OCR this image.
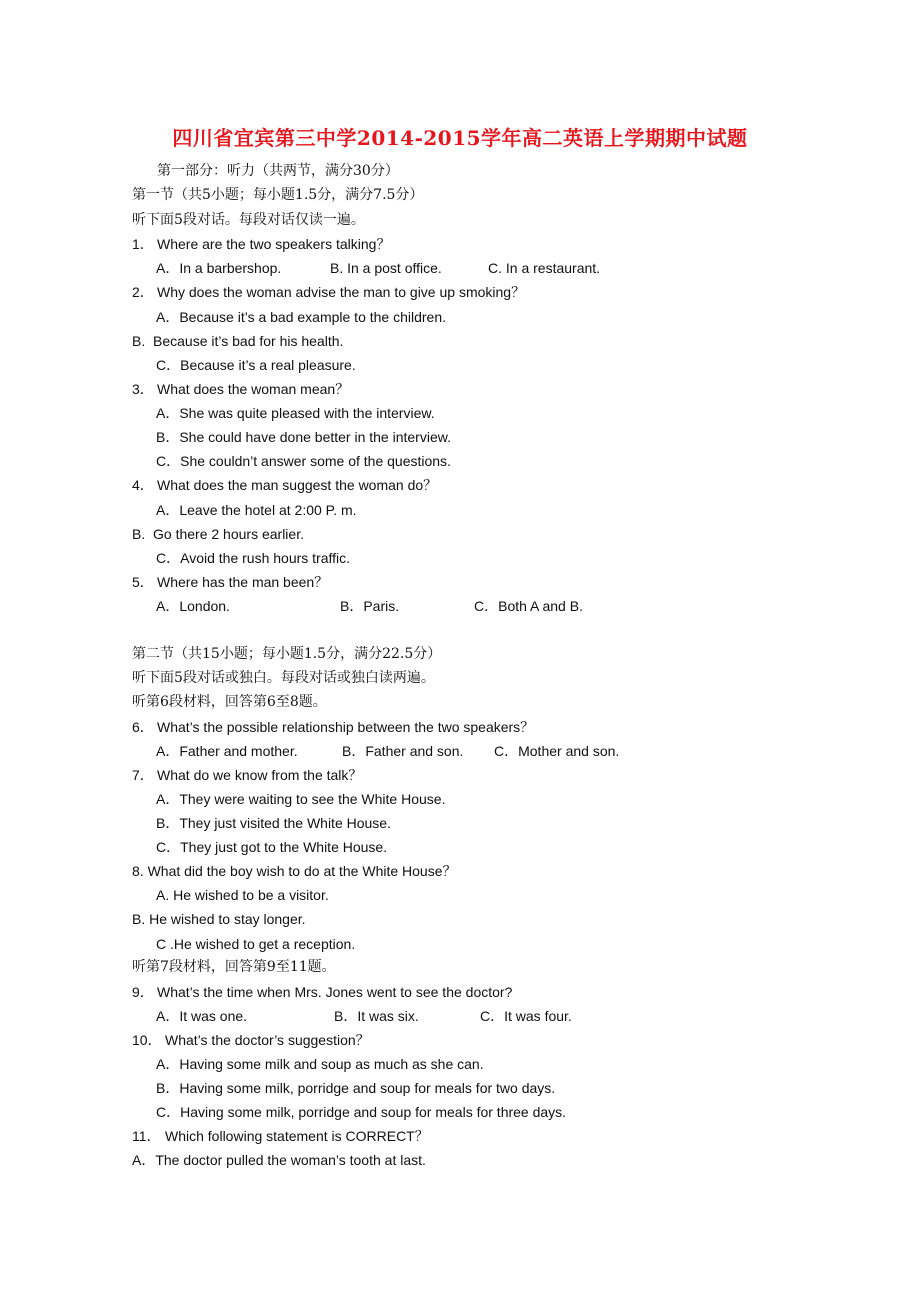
四川省宜宾第三中学2014-2015学年高二英语上学期期中试题
第一部分：听力（共两节，满分30分）
第一节（共5小题；每小题1.5分，满分7.5分）
听下面5段对话。每段对话仅读一遍。
1． Where are the two speakers talking？
A．In a barbershop.	B. In a post office.	C. In a restaurant.
2． Why does the woman advise the man to give up smoking？
A．Because it’s a bad example to the children.
B.  Because it’s bad for his health.
C．Because it’s a real pleasure.
3． What does the woman mean？
A．She was quite pleased with the interview.
B．She could have done better in the interview.
C．She couldn’t answer some of the questions.
4． What does the man suggest the woman do？
A．Leave the hotel at 2:00 P. m.
B.  Go there 2 hours earlier.
C．Avoid the rush hours traffic.
5． Where has the man been？
A．London.	B．Paris.	C．Both A and B.
第二节（共15小题；每小题1.5分，满分22.5分）
听下面5段对话或独白。每段对话或独白读两遍。
听第6段材料，回答第6至8题。
6． What’s the possible relationship between the two speakers？
A．Father and mother.	B．Father and son. C．Mother and son.
7． What do we know from the talk？
A．They were waiting to see the White House.
B．They just visited the White House.
C．They just got to the White House.
8. What did the boy wish to do at the White House？
A. He wished to be a visitor.
B. He wished to stay longer.
C .He wished to get a reception.
听第7段材料，回答第9至11题。
9． What’s the time when Mrs. Jones went to see the doctor?
A．It was one.	B．It was six.	C．It was four.
10． What’s the doctor’s suggestion？
A．Having some milk and soup as much as she can.
B．Having some milk, porridge and soup for meals for two days.
C．Having some milk, porridge and soup for meals for three days.
11． Which following statement is CORRECT？
A．The doctor pulled the woman’s tooth at last.
